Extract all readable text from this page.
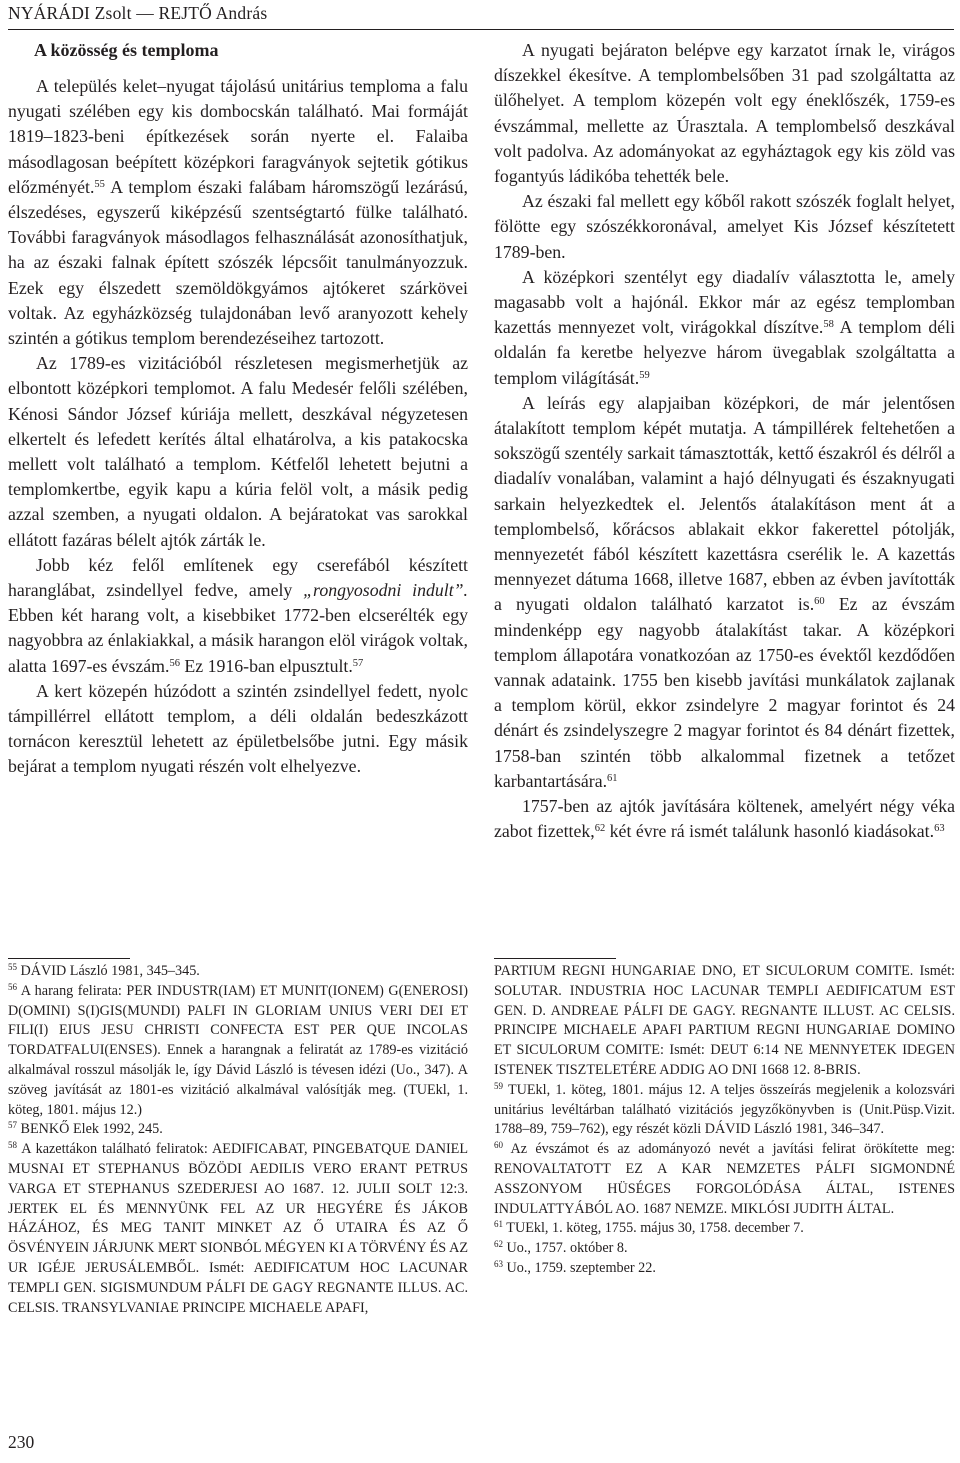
NYÁRÁDI Zsolt — REJTŐ András
A közösség és temploma

A település kelet–nyugat tájolású unitárius temploma a falu nyugati szélében egy kis dombocskán található. Mai formáját 1819–1823-beni építkezések során nyerte el. Falaiba másodlagosan beépített középkori faragványok sejtetik gótikus előzményét.$^{55}$ A templom északi falábam háromszögű lezárású, élszedéses, egyszerű kiképzésű szentségtartó fülke található. További faragványok másodlagos felhasználását azonosíthatjuk, ha az északi falnak épített szószék lépcsőit tanulmányozzuk. Ezek egy élszedett szemöldökgyámos ajtókeret szárkövei voltak. Az egyházközség tulajdonában levő aranyozott kehely szintén a gótikus templom berendezéseihez tartozott.

Az 1789-es vizitációból részletesen megismerhetjük az elbontott középkori templomot. A falu Medesér felőli szélében, Kénosi Sándor József kúriája mellett, deszkával négyzetesen elkertelt és lefedett kerítés által elhatárolva, a kis patakocska mellett volt található a templom. Kétfelől lehetett bejutni a templomkertbe, egyik kapu a kúria felöl volt, a másik pedig azzal szemben, a nyugati oldalon. A bejáratokat vas sarokkal ellátott fazáras bélelt ajtók zárták le.

Jobb kéz felől említenek egy cserefából készített haranglábat, zsindellyel fedve, amely „rongyosodni indult”. Ebben két harang volt, a kisebbiket 1772-ben elcserélték egy nagyobbra az énlakiakkal, a másik harangon elöl virágok voltak, alatta 1697-es évszám.$^{56}$ Ez 1916-ban elpusztult.$^{57}$

A kert közepén húzódott a szintén zsindellyel fedett, nyolc támpillérrel ellátott templom, a déli oldalán bedeszkázott tornácon keresztül lehetett az épületbelsőbe jutni. Egy másik bejárat a templom nyugati részén volt elhelyezve.

A nyugati bejáraton belépve egy karzatot írnak le, virágos díszekkel ékesítve. A templombelsőben 31 pad szolgáltatta az ülőhelyet. A templom közepén volt egy éneklőszék, 1759-es évszámmal, mellette az Úrasztala. A templombelső deszkával volt padolva. Az adományokat az egyháztagok egy kis zöld vas fogantyús ládikóba tehették bele.

Az északi fal mellett egy kőből rakott szószék foglalt helyet, fölötte egy szószékkoronával, amelyet Kis József készítetett 1789-ben.

A középkori szentélyt egy diadalív választotta le, amely magasabb volt a hajónál. Ekkor már az egész templomban kazettás mennyezet volt, virágokkal díszítve.$^{58}$ A templom déli oldalán fa keretbe helyezve három üvegablak szolgáltatta a templom világítását.$^{59}$

A leírás egy alapjaiban középkori, de már jelentősen átalakított templom képét mutatja. A támpillérek feltehetően a sokszögű szentély sarkait támasztották, kettő északról és délről a diadalív vonalában, valamint a hajó délnyugati és északnyugati sarkain helyezkedtek el. Jelentős átalakításon ment át a templombelső, kőrácsos ablakait ekkor fakerettel pótolják, mennyezetét fából készített kazettásra cserélik le. A kazettás mennyezet dátuma 1668, illetve 1687, ebben az évben javították a nyugati oldalon található karzatot is.$^{60}$ Ez az évszám mindenképp egy nagyobb átalakítást takar. A középkori templom állapotára vonatkozóan az 1750-es évektől kezdődően vannak adataink. 1755 ben kisebb javítási munkálatok zajlanak a templom körül, ekkor zsindelyre 2 magyar forintot és 24 dénárt és zsindelyszegre 2 magyar forintot és 84 dénárt fizettek, 1758-ban szintén több alkalommal fizetnek a tetőzet karbantartására.$^{61}$

1757-ben az ajtók javítására költenek, amelyért négy véka zabot fizettek,$^{62}$ két évre rá ismét találunk hasonló kiadásokat.$^{63}$

$^{55}$ DÁVID László 1981, 345–345.

$^{56}$ A harang felirata: PER INDUSTR(IAM) ET MUNIT(IONEM) G(ENEROSI) D(OMINI) S(I)GIS(MUNDI) PALFI IN GLORIAM UNIUS VERI DEI ET FILI(I) EIUS JESU CHRISTI CONFECTA EST PER QUE INCOLAS TORDATFALUI(ENSES). Ennek a harangnak a feliratát az 1789-es vizitáció alkalmával rosszul másolják le, így Dávid László is tévesen idézi (Uo., 347). A szöveg javítását az 1801-es vizitáció alkalmával valósítják meg. (TUEkl, 1. köteg, 1801. május 12.)

$^{57}$ BENKŐ Elek 1992, 245.

$^{58}$ A kazettákon található feliratok: AEDIFICABAT, PINGEBATQUE DANIEL MUSNAI ET STEPHANUS BÖZÖDI AEDILIS VERO ERANT PETRUS VARGA ET STEPHANUS SZEDERJESI AO 1687. 12. JULII SOLT 12:3. JERTEK EL ÉS MENNYÜNK FEL AZ UR HEGYÉRE ÉS JÁKOB HÁZÁHOZ, ÉS MEG TANIT MINKET AZ Ő UTAIRA ÉS AZ Ő ÖSVÉNYEIN JÁRJUNK MERT SIONBÓL MÉGYEN KI A TÖRVÉNY ÉS AZ UR IGÉJE JERUSÁLEMBŐL. Ismét: AEDIFICATUM HOC LACUNAR TEMPLI GEN. SIGISMUNDUM PÁLFI DE GAGY REGNANTE ILLUS. AC. CELSIS. TRANSYLVANIAE PRINCIPE MICHAELE APAFI,

PARTIUM REGNI HUNGARIAE DNO, ET SICULORUM COMITE. Ismét: SOLUTAR. INDUSTRIA HOC LACUNAR TEMPLI AEDIFICATUM EST GEN. D. ANDREAE PÁLFI DE GAGY. REGNANTE ILLUST. AC CELSIS. PRINCIPE MICHAELE APAFI PARTIUM REGNI HUNGARIAE DOMINO ET SICULORUM COMITE: Ismét: DEUT 6:14 NE MENNYETEK IDEGEN ISTENEK TISZTELETÉRE ADDIG AO DNI 1668 12. 8-BRIS.

$^{59}$ TUEkl, 1. köteg, 1801. május 12. A teljes összeírás megjelenik a kolozsvári unitárius levéltárban található vizitációs jegyzőkönyvben is (Unit.Püsp.Vizit. 1788–89, 759–762), egy részét közli DÁVID László 1981, 346–347.

$^{60}$ Az évszámot és az adományozó nevét a javítási felirat örökítette meg: RENOVALTATOTT EZ A KAR NEMZETES PÁLFI SIGMONDNÉ ASSZONYOM HÜSÉGES FORGOLÓDÁSA ÁLTAL, ISTENES INDULATTYÁBÓL AO. 1687 NEMZE. MIKLÓSI JUDITH ÁLTAL.

$^{61}$ TUEkl, 1. köteg, 1755. május 30, 1758. december 7.

$^{62}$ Uo., 1757. október 8.

$^{63}$ Uo., 1759. szeptember 22.

230
